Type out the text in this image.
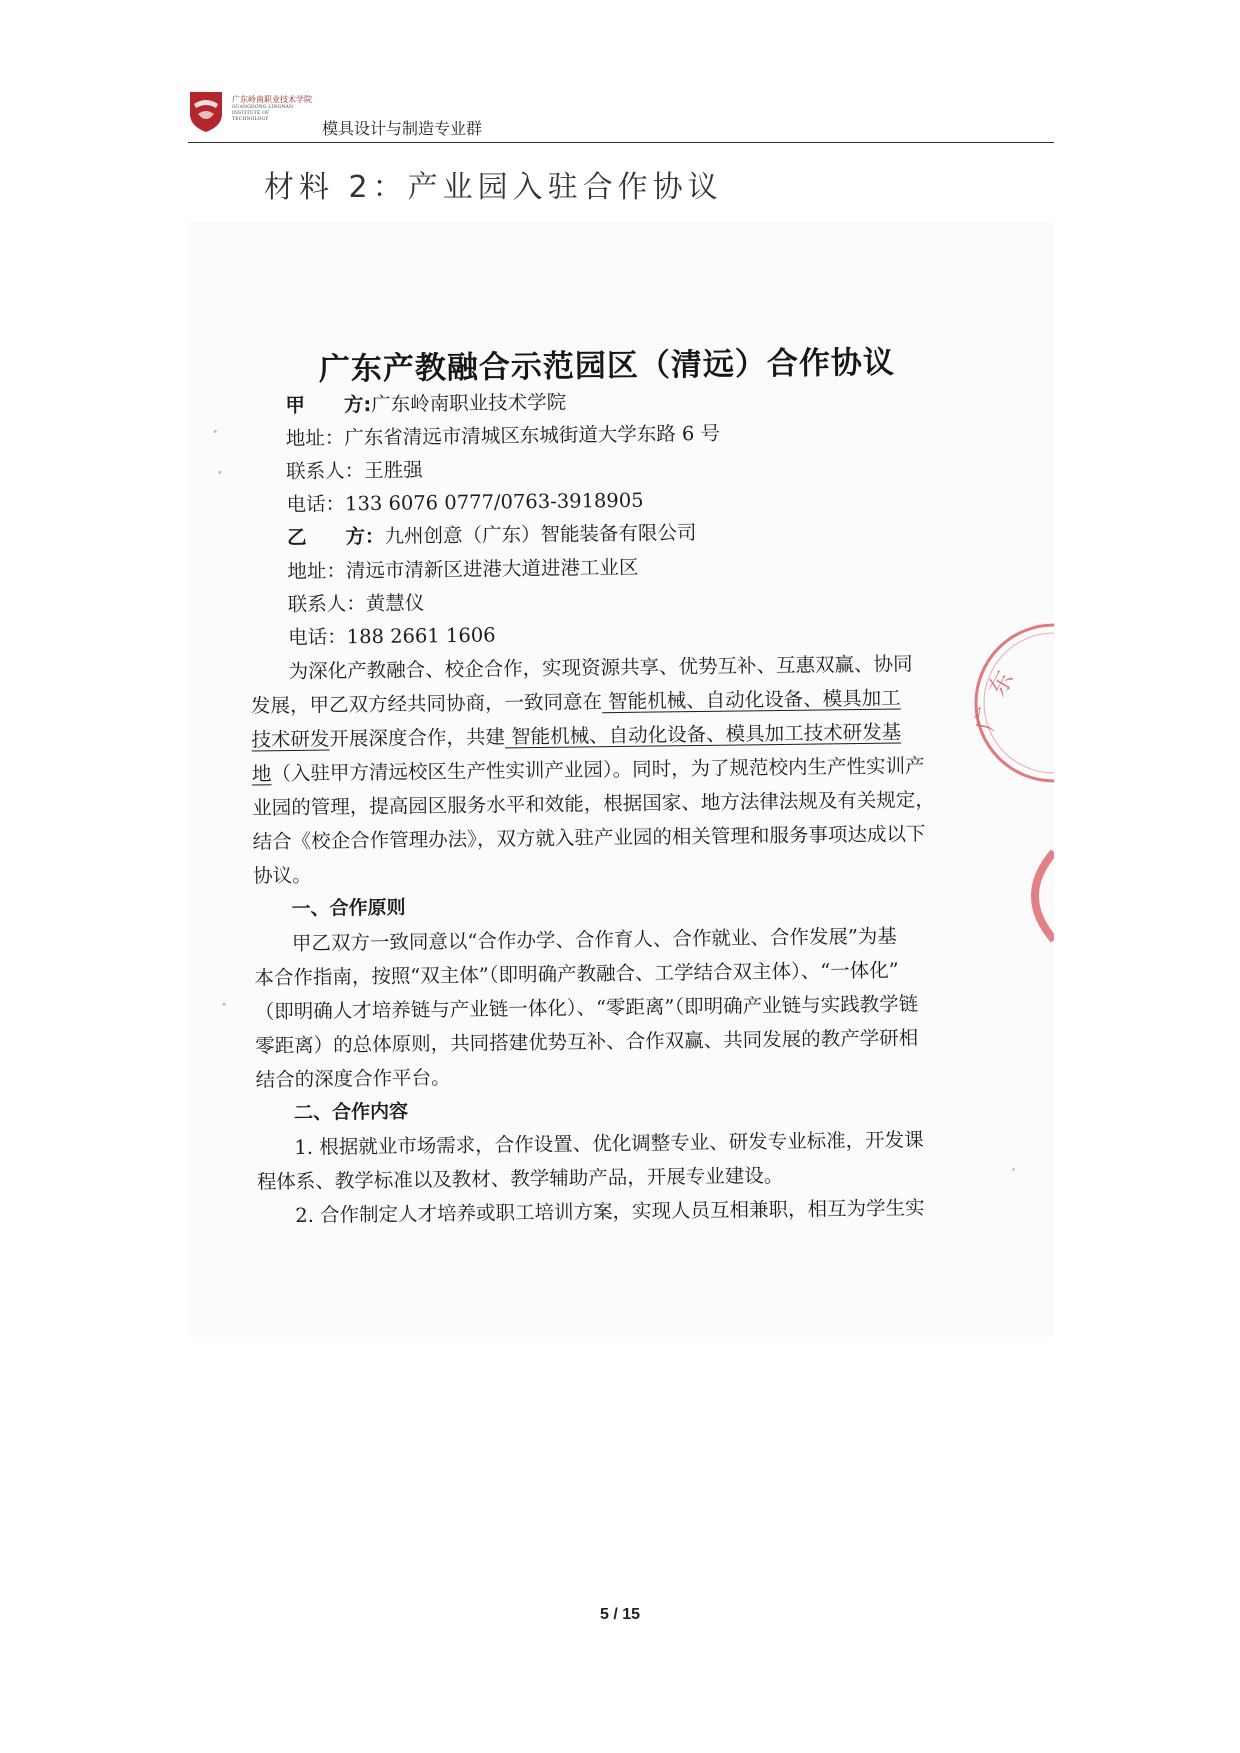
广东岭南职业技术学院
GUANGDONG LINGNAN INSTITUTE OF TECHNOLOGY	模具设计与制造专业群
材料 2：产业园入驻合作协议
广东产教融合示范园区（清远）合作协议
甲　　方:广东岭南职业技术学院
地址：广东省清远市清城区东城街道大学东路 6 号
联系人：王胜强
电话：133 6076 0777/0763-3918905
乙　　方：九州创意（广东）智能装备有限公司
地址：清远市清新区进港大道进港工业区
联系人：黄慧仪
电话：188 2661 1606
为深化产教融合、校企合作，实现资源共享、优势互补、互惠双赢、协同
发展，甲乙双方经共同协商，一致同意在 智能机械、自动化设备、模具加工
技术研发开展深度合作，共建 智能机械、自动化设备、模具加工技术研发基
地（入驻甲方清远校区生产性实训产业园）。同时，为了规范校内生产性实训产
业园的管理，提高园区服务水平和效能，根据国家、地方法律法规及有关规定，
结合《校企合作管理办法》，双方就入驻产业园的相关管理和服务事项达成以下
协议。
一、合作原则
甲乙双方一致同意以“合作办学、合作育人、合作就业、合作发展”为基
本合作指南，按照“双主体”（即明确产教融合、工学结合双主体）、“一体化”
（即明确人才培养链与产业链一体化）、“零距离”（即明确产业链与实践教学链
零距离）的总体原则，共同搭建优势互补、合作双赢、共同发展的教产学研相
结合的深度合作平台。
二、合作内容
1. 根据就业市场需求，合作设置、优化调整专业、研发专业标准，开发课
程体系、教学标准以及教材、教学辅助产品，开展专业建设。
2. 合作制定人才培养或职工培训方案，实现人员互相兼职，相互为学生实
东
广
5 / 15
